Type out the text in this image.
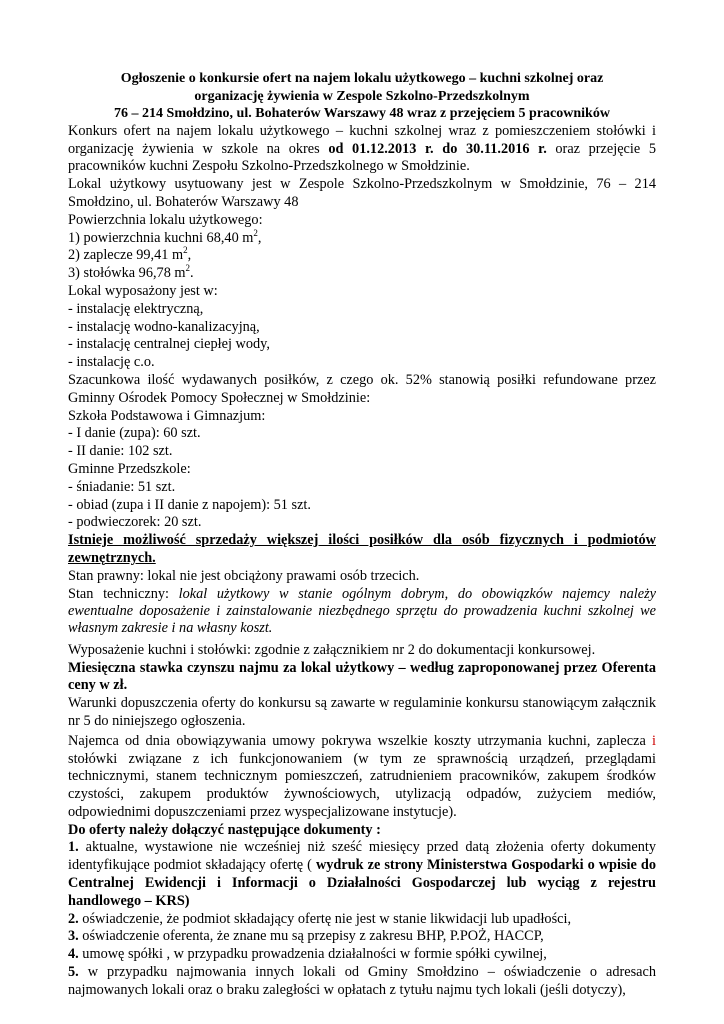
Ogłoszenie o konkursie ofert na najem lokalu użytkowego – kuchni szkolnej oraz
organizację żywienia w Zespole Szkolno-Przedszkolnym
76 – 214 Smołdzino, ul. Bohaterów Warszawy 48 wraz z przejęciem 5 pracowników

Konkurs ofert na najem lokalu użytkowego – kuchni szkolnej wraz z pomieszczeniem stołówki i organizację żywienia w szkole na okres od 01.12.2013 r. do 30.11.2016 r. oraz przejęcie 5 pracowników kuchni Zespołu Szkolno-Przedszkolnego w Smołdzinie.

Lokal użytkowy usytuowany jest w Zespole Szkolno-Przedszkolnym w Smołdzinie, 76 – 214 Smołdzino, ul. Bohaterów Warszawy 48

Powierzchnia lokalu użytkowego:

1) powierzchnia kuchni 68,40 $m^2$,

2) zaplecze 99,41 $m^2$,

3) stołówka 96,78 $m^2$.

Lokal wyposażony jest w:

- instalację elektryczną,

- instalację wodno-kanalizacyjną,

- instalację centralnej ciepłej wody,

- instalację c.o.

Szacunkowa ilość wydawanych posiłków, z czego ok. 52% stanowią posiłki refundowane przez Gminny Ośrodek Pomocy Społecznej w Smołdzinie:

Szkoła Podstawowa i Gimnazjum:

- I danie (zupa): 60 szt.

- II danie: 102 szt.

Gminne Przedszkole:

- śniadanie: 51 szt.

- obiad (zupa i II danie z napojem): 51 szt.

- podwieczorek: 20 szt.

Istnieje możliwość sprzedaży większej ilości posiłków dla osób fizycznych i podmiotów zewnętrznych.

Stan prawny: lokal nie jest obciążony prawami osób trzecich.

Stan techniczny: lokal użytkowy w stanie ogólnym dobrym, do obowiązków najemcy należy ewentualne doposażenie i zainstalowanie niezbędnego sprzętu do prowadzenia kuchni szkolnej we własnym zakresie i na własny koszt.

Wyposażenie kuchni i stołówki: zgodnie z załącznikiem nr 2 do dokumentacji konkursowej.

Miesięczna stawka czynszu najmu za lokal użytkowy – według zaproponowanej przez Oferenta ceny w zł.

Warunki dopuszczenia oferty do konkursu są zawarte w regulaminie konkursu stanowiącym załącznik nr 5 do niniejszego ogłoszenia.

Najemca od dnia obowiązywania umowy pokrywa wszelkie koszty utrzymania kuchni, zaplecza i stołówki związane z ich funkcjonowaniem (w tym ze sprawnością urządzeń, przeglądami technicznymi, stanem technicznym pomieszczeń, zatrudnieniem pracowników, zakupem środków czystości, zakupem produktów żywnościowych, utylizacją odpadów, zużyciem mediów, odpowiednimi dopuszczeniami przez wyspecjalizowane instytucje).

Do oferty należy dołączyć następujące dokumenty :

1. aktualne, wystawione nie wcześniej niż sześć miesięcy przed datą złożenia oferty dokumenty identyfikujące podmiot składający ofertę ( wydruk ze strony Ministerstwa Gospodarki o wpisie do Centralnej Ewidencji i Informacji o Działalności Gospodarczej lub wyciąg z rejestru handlowego – KRS)

2. oświadczenie, że podmiot składający ofertę nie jest w stanie likwidacji lub upadłości,

3. oświadczenie oferenta, że znane mu są przepisy z zakresu BHP, P.POŻ, HACCP,

4. umowę spółki , w przypadku prowadzenia działalności w formie spółki cywilnej,

5. w przypadku najmowania innych lokali od Gminy Smołdzino – oświadczenie o adresach najmowanych lokali oraz o braku zaległości w opłatach z tytułu najmu tych lokali (jeśli dotyczy),
